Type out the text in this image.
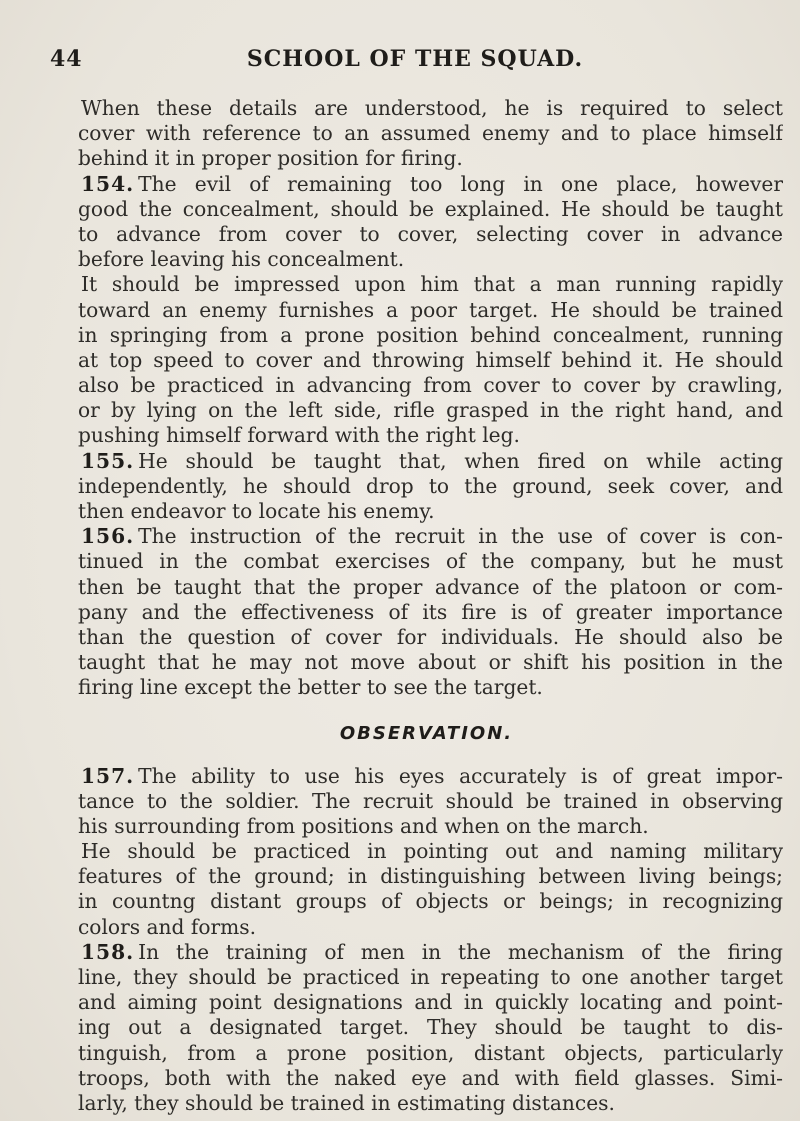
44	SCHOOL OF THE SQUAD.
When these details are understood, he is required to select
cover with reference to an assumed enemy and to place himself
behind it in proper position for firing.
154. The evil of remaining too long in one place, however
good the concealment, should be explained. He should be taught
to advance from cover to cover, selecting cover in advance
before leaving his concealment.
It should be impressed upon him that a man running rapidly
toward an enemy furnishes a poor target. He should be trained
in springing from a prone position behind concealment, running
at top speed to cover and throwing himself behind it. He should
also be practiced in advancing from cover to cover by crawling,
or by lying on the left side, rifle grasped in the right hand, and
pushing himself forward with the right leg.
155. He should be taught that, when fired on while acting
independently, he should drop to the ground, seek cover, and
then endeavor to locate his enemy.
156. The instruction of the recruit in the use of cover is con-
tinued in the combat exercises of the company, but he must
then be taught that the proper advance of the platoon or com-
pany and the effectiveness of its fire is of greater importance
than the question of cover for individuals. He should also be
taught that he may not move about or shift his position in the
firing line except the better to see the target.
OBSERVATION.
157. The ability to use his eyes accurately is of great impor-
tance to the soldier. The recruit should be trained in observing
his surrounding from positions and when on the march.
He should be practiced in pointing out and naming military
features of the ground; in distinguishing between living beings;
in countng distant groups of objects or beings; in recognizing
colors and forms.
158. In the training of men in the mechanism of the firing
line, they should be practiced in repeating to one another target
and aiming point designations and in quickly locating and point-
ing out a designated target. They should be taught to dis-
tinguish, from a prone position, distant objects, particularly
troops, both with the naked eye and with field glasses. Simi-
larly, they should be trained in estimating distances.
